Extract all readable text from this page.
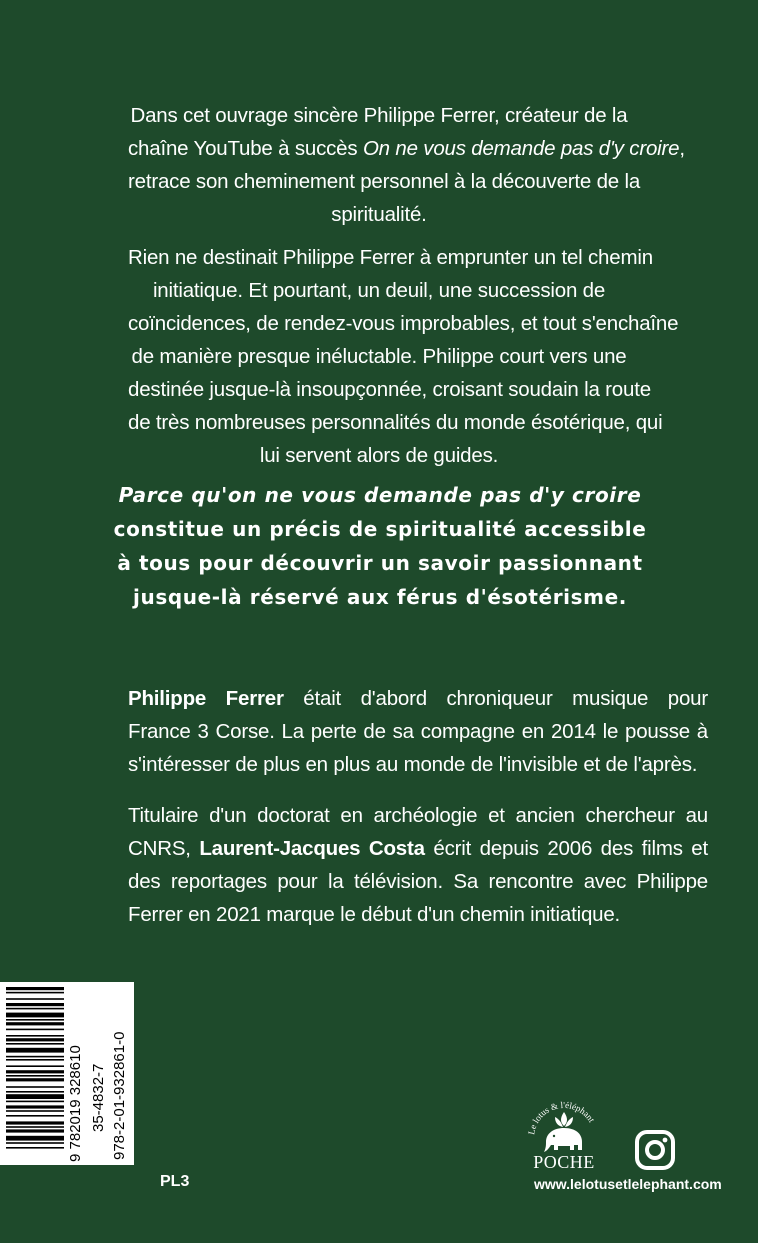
Dans cet ouvrage sincère Philippe Ferrer, créateur de la
chaîne YouTube à succès On ne vous demande pas d'y croire,
retrace son cheminement personnel à la découverte de la
spiritualité.
Rien ne destinait Philippe Ferrer à emprunter un tel chemin
initiatique. Et pourtant, un deuil, une succession de
coïncidences, de rendez-vous improbables, et tout s'enchaîne
de manière presque inéluctable. Philippe court vers une
destinée jusque-là insoupçonnée, croisant soudain la route
de très nombreuses personnalités du monde ésotérique, qui
lui servent alors de guides.
Parce qu'on ne vous demande pas d'y croire
constitue un précis de spiritualité accessible
à tous pour découvrir un savoir passionnant
jusque-là réservé aux férus d'ésotérisme.
Philippe Ferrer était d'abord chroniqueur musique pour
France 3 Corse. La perte de sa compagne en 2014 le pousse à
s'intéresser de plus en plus au monde de l'invisible et de l'après.
Titulaire d'un doctorat en archéologie et ancien chercheur au
CNRS, Laurent-Jacques Costa écrit depuis 2006 des films et
des reportages pour la télévision. Sa rencontre avec Philippe
Ferrer en 2021 marque le début d'un chemin initiatique.
9 782019 328610 35-4832-7 978-2-01-932861-0
PL3
Le lotus & l'éléphant
POCHE
www.lelotusetlelephant.com
